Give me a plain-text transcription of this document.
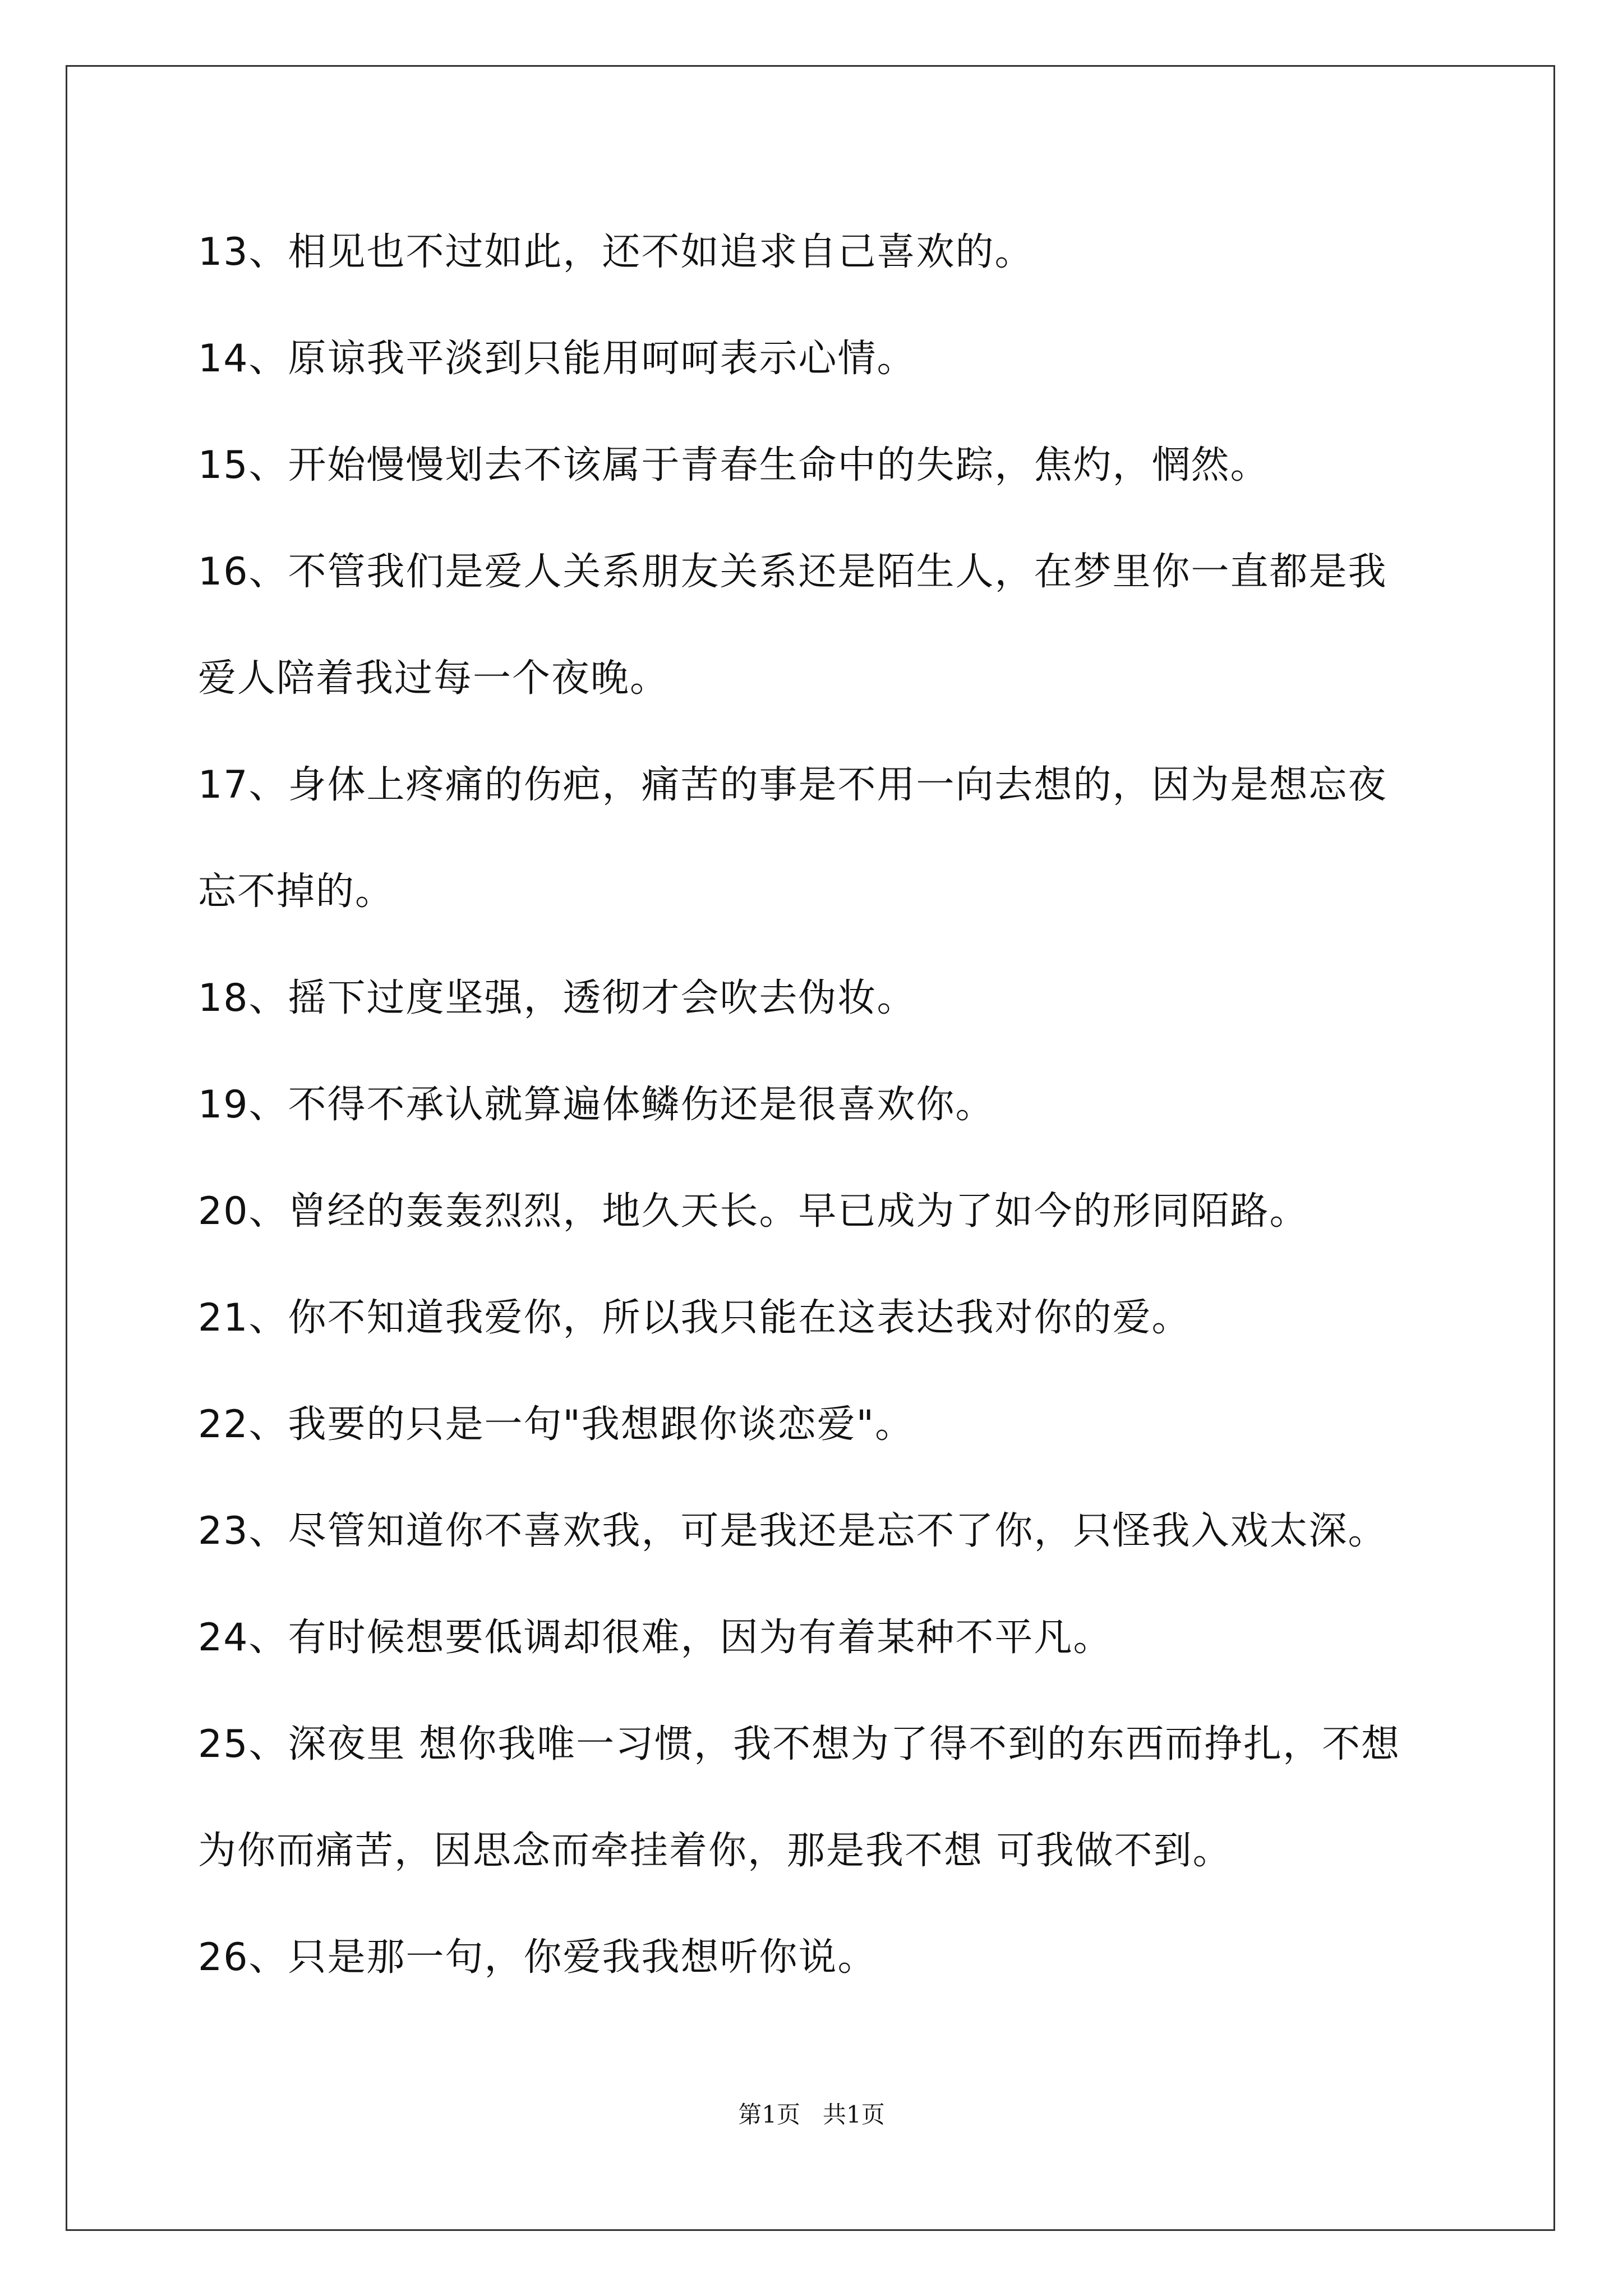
13、相见也不过如此，还不如追求自己喜欢的。
14、原谅我平淡到只能用呵呵表示心情。
15、开始慢慢划去不该属于青春生命中的失踪，焦灼，惘然。
16、不管我们是爱人关系朋友关系还是陌生人，在梦里你一直都是我
爱人陪着我过每一个夜晚。
17、身体上疼痛的伤疤，痛苦的事是不用一向去想的，因为是想忘夜
忘不掉的。
18、摇下过度坚强，透彻才会吹去伪妆。
19、不得不承认就算遍体鳞伤还是很喜欢你。
20、曾经的轰轰烈烈，地久天长。早已成为了如今的形同陌路。
21、你不知道我爱你，所以我只能在这表达我对你的爱。
22、我要的只是一句"我想跟你谈恋爱"。
23、尽管知道你不喜欢我，可是我还是忘不了你，只怪我入戏太深。
24、有时候想要低调却很难，因为有着某种不平凡。
25、深夜里 想你我唯一习惯，我不想为了得不到的东西而挣扎，不想
为你而痛苦，因思念而牵挂着你，那是我不想 可我做不到。
26、只是那一句，你爱我我想听你说。
第1页   共1页
